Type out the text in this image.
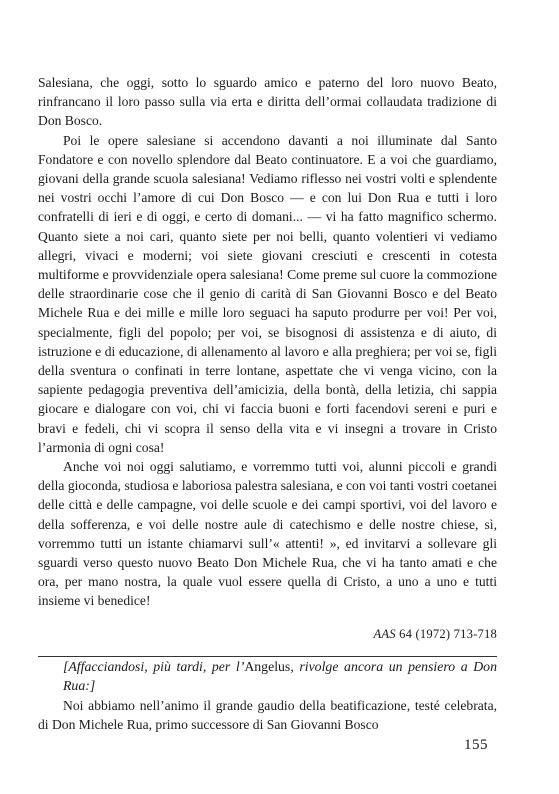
Salesiana, che oggi, sotto lo sguardo amico e paterno del loro nuovo Beato, rinfrancano il loro passo sulla via erta e diritta dell’ormai collaudata tradizione di Don Bosco.

Poi le opere salesiane si accendono davanti a noi illuminate dal Santo Fondatore e con novello splendore dal Beato continuatore. E a voi che guardiamo, giovani della grande scuola salesiana! Vediamo riflesso nei vostri volti e splendente nei vostri occhi l’amore di cui Don Bosco — e con lui Don Rua e tutti i loro confratelli di ieri e di oggi, e certo di domani... — vi ha fatto magnifico schermo. Quanto siete a noi cari, quanto siete per noi belli, quanto volentieri vi vediamo allegri, vivaci e moderni; voi siete giovani cresciuti e crescenti in cotesta multiforme e provvidenziale opera salesiana! Come preme sul cuore la commozione delle straordinarie cose che il genio di carità di San Giovanni Bosco e del Beato Michele Rua e dei mille e mille loro seguaci ha saputo produrre per voi! Per voi, specialmente, figli del popolo; per voi, se bisognosi di assistenza e di aiuto, di istruzione e di educazione, di allenamento al lavoro e alla preghiera; per voi se, figli della sventura o confinati in terre lontane, aspettate che vi venga vicino, con la sapiente pedagogia preventiva dell’amicizia, della bontà, della letizia, chi sappia giocare e dialogare con voi, chi vi faccia buoni e forti facendovi sereni e puri e bravi e fedeli, chi vi scopra il senso della vita e vi insegni a trovare in Cristo l’armonia di ogni cosa!

Anche voi noi oggi salutiamo, e vorremmo tutti voi, alunni piccoli e grandi della gioconda, studiosa e laboriosa palestra salesiana, e con voi tanti vostri coetanei delle città e delle campagne, voi delle scuole e dei campi sportivi, voi del lavoro e della sofferenza, e voi delle nostre aule di catechismo e delle nostre chiese, sì, vorremmo tutti un istante chiamarvi sull’« attenti! », ed invitarvi a sollevare gli sguardi verso questo nuovo Beato Don Michele Rua, che vi ha tanto amati e che ora, per mano nostra, la quale vuol essere quella di Cristo, a uno a uno e tutti insieme vi benedice!

AAS 64 (1972) 713-718

[Affacciandosi, più tardi, per l’Angelus, rivolge ancora un pensiero a Don Rua:]

Noi abbiamo nell’animo il grande gaudio della beatificazione, testé celebrata, di Don Michele Rua, primo successore di San Giovanni Bosco

155
